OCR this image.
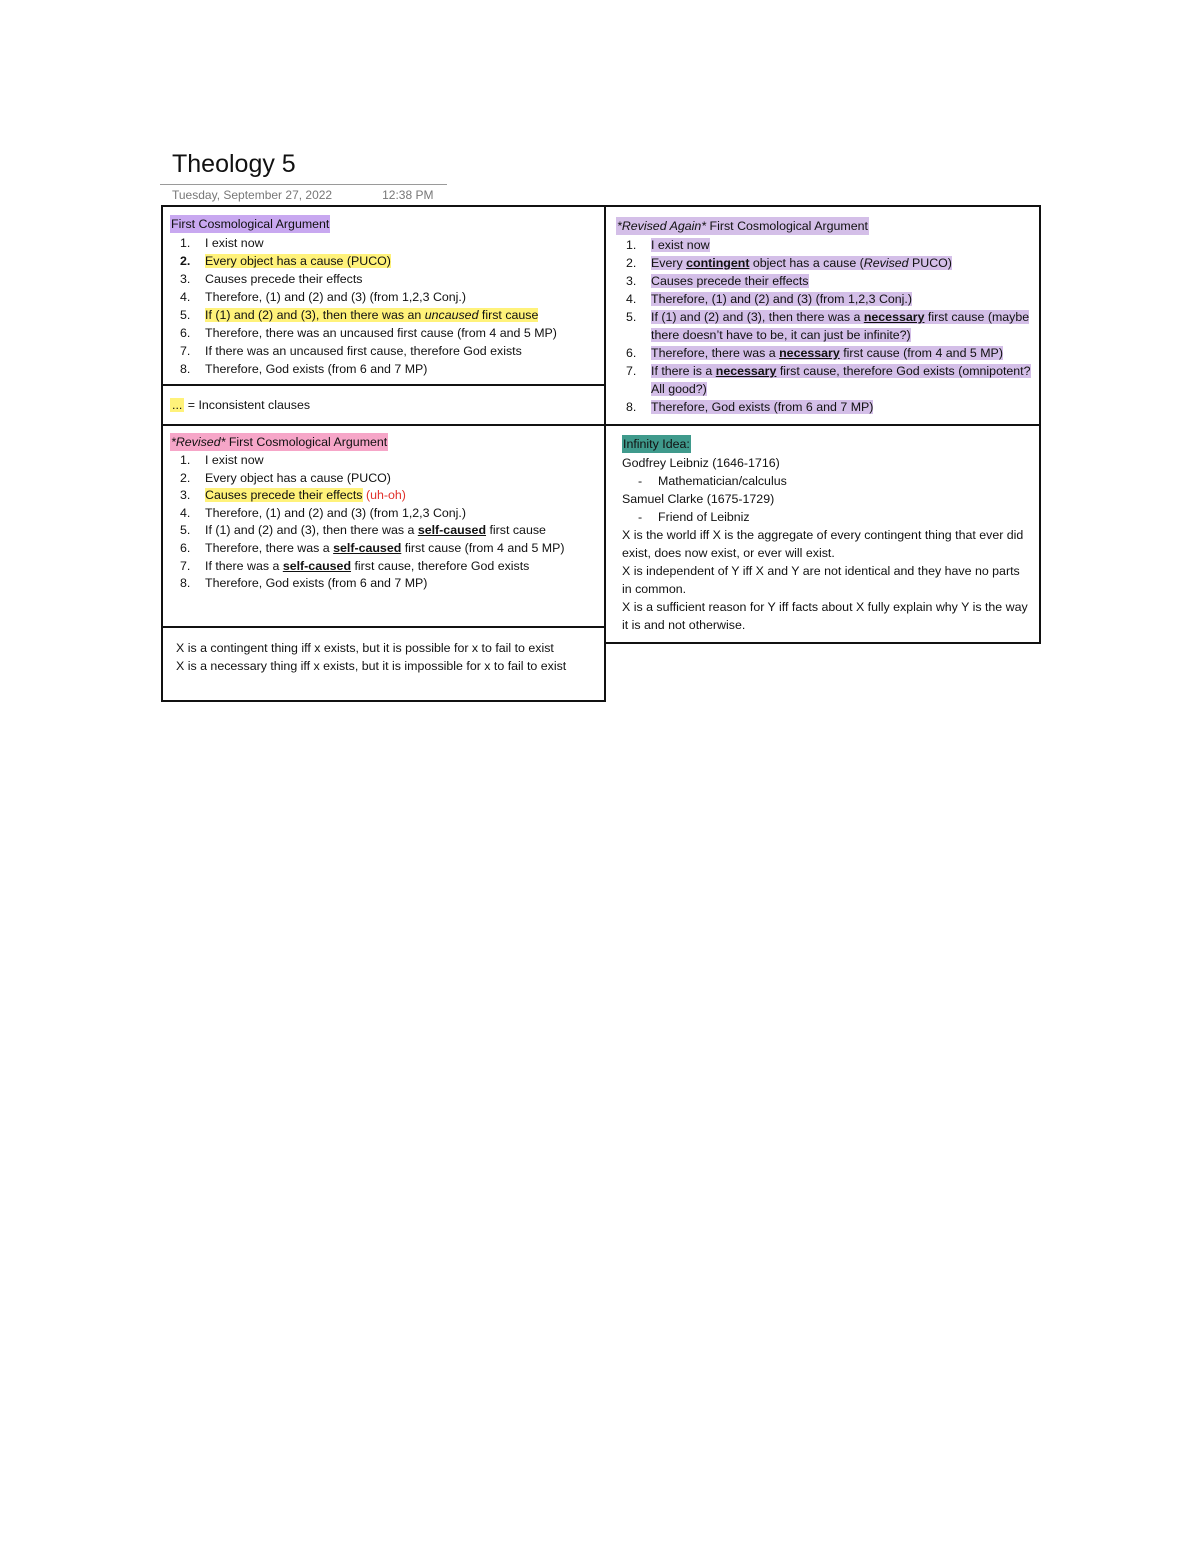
Theology 5
Tuesday, September 27, 2022	12:38 PM
First Cosmological Argument
1.	I exist now
2.	Every object has a cause (PUCO)
3.	Causes precede their effects
4.	Therefore, (1) and (2) and (3) (from 1,2,3 Conj.)
5.	If (1) and (2) and (3), then there was an uncaused first cause
6.	Therefore, there was an uncaused first cause (from 4 and 5 MP)
7.	If there was an uncaused first cause, therefore God exists
8.	Therefore, God exists (from 6 and 7 MP)
... = Inconsistent clauses
*Revised* First Cosmological Argument
1.	I exist now
2.	Every object has a cause (PUCO)
3.	Causes precede their effects (uh-oh)
4.	Therefore, (1) and (2) and (3) (from 1,2,3 Conj.)
5.	If (1) and (2) and (3), then there was a self-caused first cause
6.	Therefore, there was a self-caused first cause (from 4 and 5 MP)
7.	If there was a self-caused first cause, therefore God exists
8.	Therefore, God exists (from 6 and 7 MP)

X is a contingent thing iff x exists, but it is possible for x to fail to exist

X is a necessary thing iff x exists, but it is impossible for x to fail to exist

*Revised Again* First Cosmological Argument
1.	I exist now
2.	Every contingent object has a cause (Revised PUCO)
3.	Causes precede their effects
4.	Therefore, (1) and (2) and (3) (from 1,2,3 Conj.)
5.	If (1) and (2) and (3), then there was a necessary first cause (maybe there doesn’t have to be, it can just be infinite?)
6.	Therefore, there was a necessary first cause (from 4 and 5 MP)
7.	If there is a necessary first cause, therefore God exists (omnipotent? All good?)
8.	Therefore, God exists (from 6 and 7 MP)
Infinity Idea:

Godfrey Leibniz (1646-1716)

-	Mathematician/calculus

Samuel Clarke (1675-1729)

-	Friend of Leibniz

X is the world iff X is the aggregate of every contingent thing that ever did exist, does now exist, or ever will exist.

X is independent of Y iff X and Y are not identical and they have no parts in common.

X is a sufficient reason for Y iff facts about X fully explain why Y is the way it is and not otherwise.
